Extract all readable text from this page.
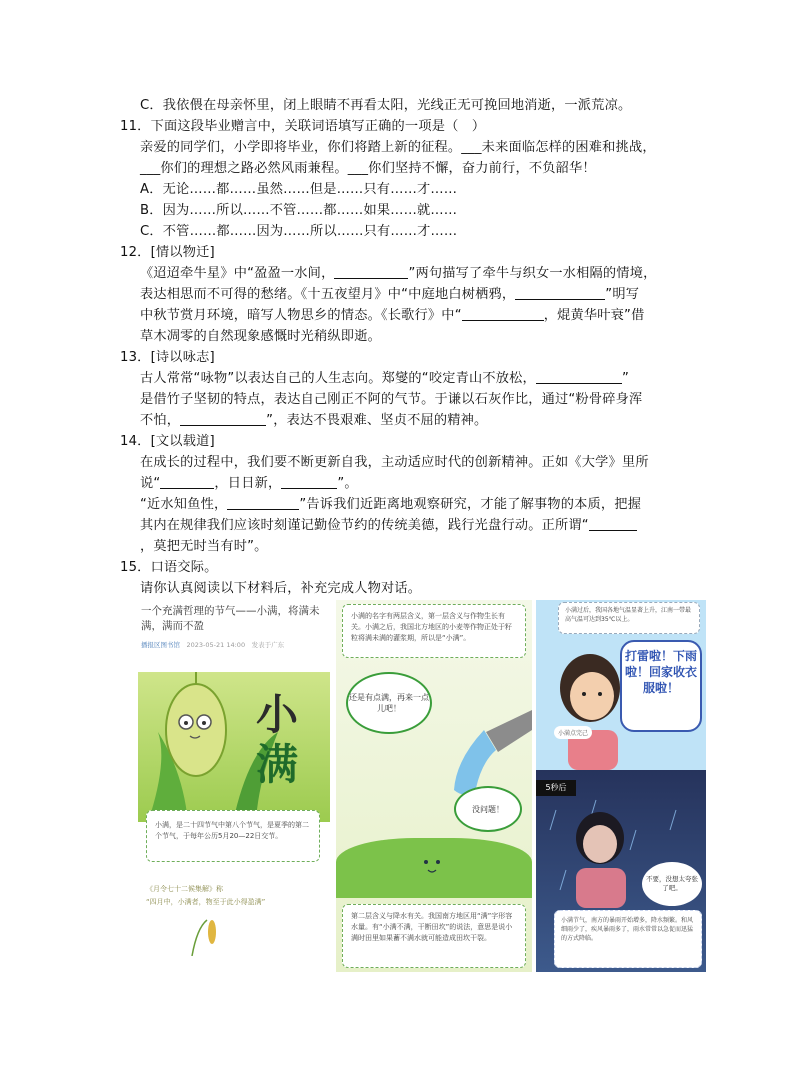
C．我依偎在母亲怀里，闭上眼睛不再看太阳，光线正无可挽回地消逝，一派荒凉。
11．下面这段毕业赠言中，关联词语填写正确的一项是（　）
亲爱的同学们，小学即将毕业，你们将踏上新的征程。___未来面临怎样的困难和挑战，
___你们的理想之路必然风雨兼程。___你们坚持不懈，奋力前行，不负韶华！
A．无论……都……虽然……但是……只有……才……
B．因为……所以……不管……都……如果……就……
C．不管……都……因为……所以……只有……才……
12．[情以物迁]
《迢迢牵牛星》中“盈盈一水间，	”两句描写了牵牛与织女一水相隔的情境，
表达相思而不可得的愁绪。《十五夜望月》中“中庭地白树栖鸦，	”明写
中秋节赏月环境，暗写人物思乡的情态。《长歌行》中“	，焜黄华叶衰”借
草木凋零的自然现象感慨时光稍纵即逝。
13．[诗以咏志]
古人常常“咏物”以表达自己的人生志向。郑燮的“咬定青山不放松，	”
是借竹子坚韧的特点，表达自己刚正不阿的气节。于谦以石灰作比，通过“粉骨碎身浑
不怕，	”，表达不畏艰难、坚贞不屈的精神。
14．[文以载道]
在成长的过程中，我们要不断更新自我，主动适应时代的创新精神。正如《大学》里所
说“	，日日新，	”。
“近水知鱼性，	”告诉我们近距离地观察研究，才能了解事物的本质，把握
其内在规律我们应该时刻谨记勤俭节约的传统美德，践行光盘行动。正所谓“
，莫把无时当有时”。
15．口语交际。
请你认真阅读以下材料后，补充完成人物对话。
一个充满哲理的节气——小满，将满未满，满而不盈
播报区图书馆　 2023-05-21 14:00　发表于广东
小
满
小满，是二十四节气中第八个节气，是夏季的第二个节气，于每年公历5月20—22日交节。
《月令七十二候集解》称
“四月中，小满者，物至于此小得盈满”
小满的名字有两层含义，第一层含义与作物生长有关。小满之后，我国北方地区的小麦等作物正处于籽粒将满未满的灌浆期，所以是“小满”。
还是有点满，再来一点儿吧！
没问题！
第二层含义与降水有关。我国南方地区用“满”字形容水量。有“小满不满，干断田坎”的说法，意思是说小满时田里如果蓄不满水就可能造成田坎干裂。
小满过后，我国各地气温显著上升，江南一带最高气温可达到35℃以上。
打雷啦！下雨啦！回家收衣服啦！
小満点完己
5秒后
不要，没想太夸张了吧。
小满节气，南方的暴雨开始增多，降水频繁。和风细雨少了，疾风暴雨多了，雨水常常以急促而迅猛的方式降临。
